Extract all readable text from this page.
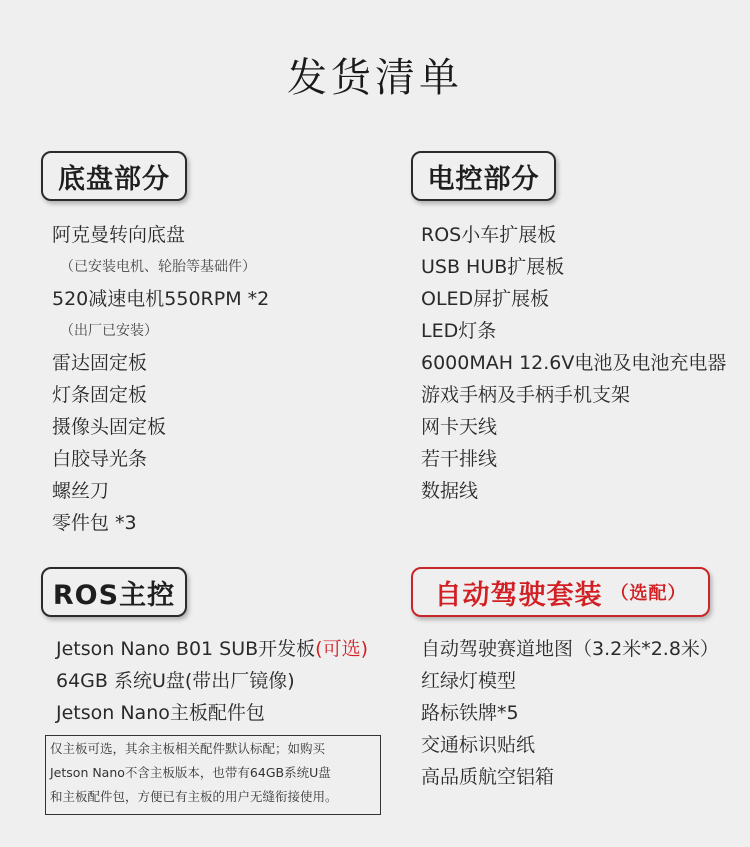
发货清单
底盘部分
阿克曼转向底盘
（已安装电机、轮胎等基础件）
520减速电机550RPM *2
（出厂已安装）
雷达固定板
灯条固定板
摄像头固定板
白胶导光条
螺丝刀
零件包 *3
电控部分
ROS小车扩展板
USB HUB扩展板
OLED屏扩展板
LED灯条
6000MAH 12.6V电池及电池充电器
游戏手柄及手柄手机支架
网卡天线
若干排线
数据线
ROS主控
Jetson Nano B01 SUB开发板(可选)
64GB 系统U盘(带出厂镜像)
Jetson Nano主板配件包
仅主板可选，其余主板相关配件默认标配；如购买
Jetson Nano不含主板版本，也带有64GB系统U盘
和主板配件包，方便已有主板的用户无缝衔接使用。
自动驾驶套装 （选配）
自动驾驶赛道地图（3.2米*2.8米）
红绿灯模型
路标铁牌*5
交通标识贴纸
高品质航空铝箱
